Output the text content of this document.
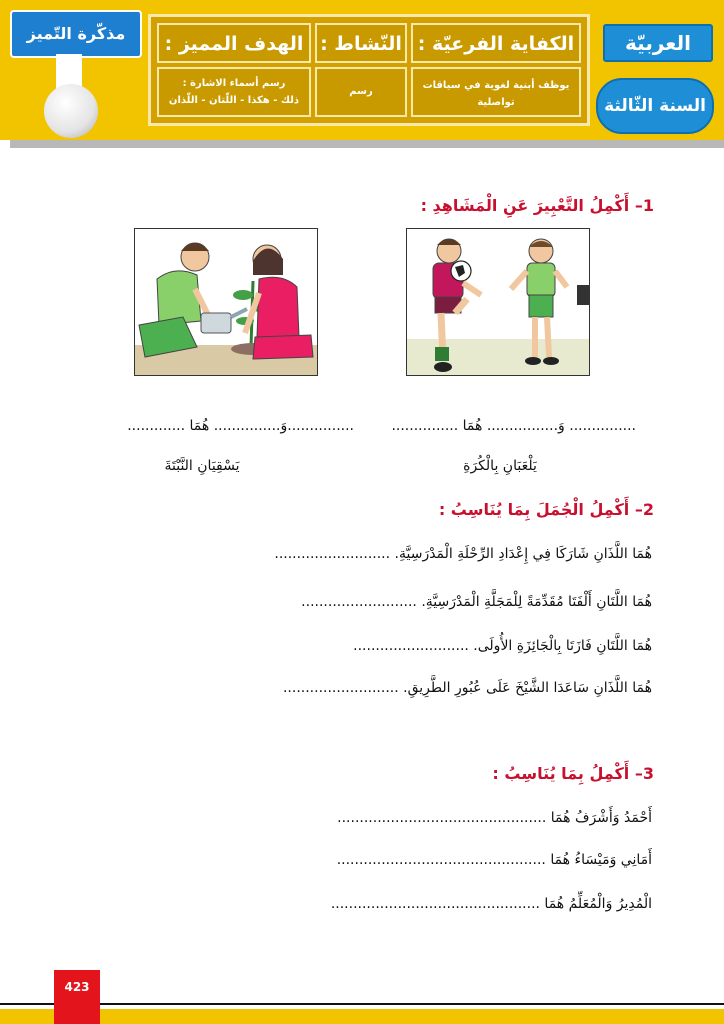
العربيّة
السنة الثّالثة
الكفاية الفرعيّة :
النّشاط :
الهدف المميز :
يوظف أبنية لغوية في سياقات تواصلية
رسم
رسم أسماء الاشارة :
ذلك - هكذا - اللّتان - اللّذان
مذكّرة التّميز
1– أَكْمِلُ التَّعْبِيرَ عَنِ الْمَشَاهِدِ :
............... وَ................ هُمَا ...............
...............وَ............... هُمَا .............
يَلْعَبَانِ بِالْكُرَةِ
يَسْقِيَانِ النَّبْتَةَ
2– أَكْمِلُ الْجُمَلَ بِمَا يُنَاسِبُ :
هُمَا اللَّذَانِ شَارَكَا فِي إِعْدَادِ الرِّحْلَةِ الْمَدْرَسِيَّةِ. ..........................
هُمَا اللَّتَانِ أَلْفَتَا مُقَدِّمَةً لِلْمَجَلَّةِ الْمَدْرَسِيَّةِ. ..........................
هُمَا اللَّتَانِ فَازَتَا بِالْجَائِزَةِ الأُولَى. ..........................
هُمَا اللَّذَانِ سَاعَدَا الشَّيْخَ عَلَى عُبُورِ الطَّرِيقِ. ..........................
3– أَكْمِلُ بِمَا يُنَاسِبُ :
أَحْمَدُ وَأَشْرَفُ هُمَا ...............................................
أَمَانِي وَمَيْسَاءُ هُمَا ...............................................
الْمُدِيرُ وَالْمُعَلِّمُ هُمَا ...............................................
423
